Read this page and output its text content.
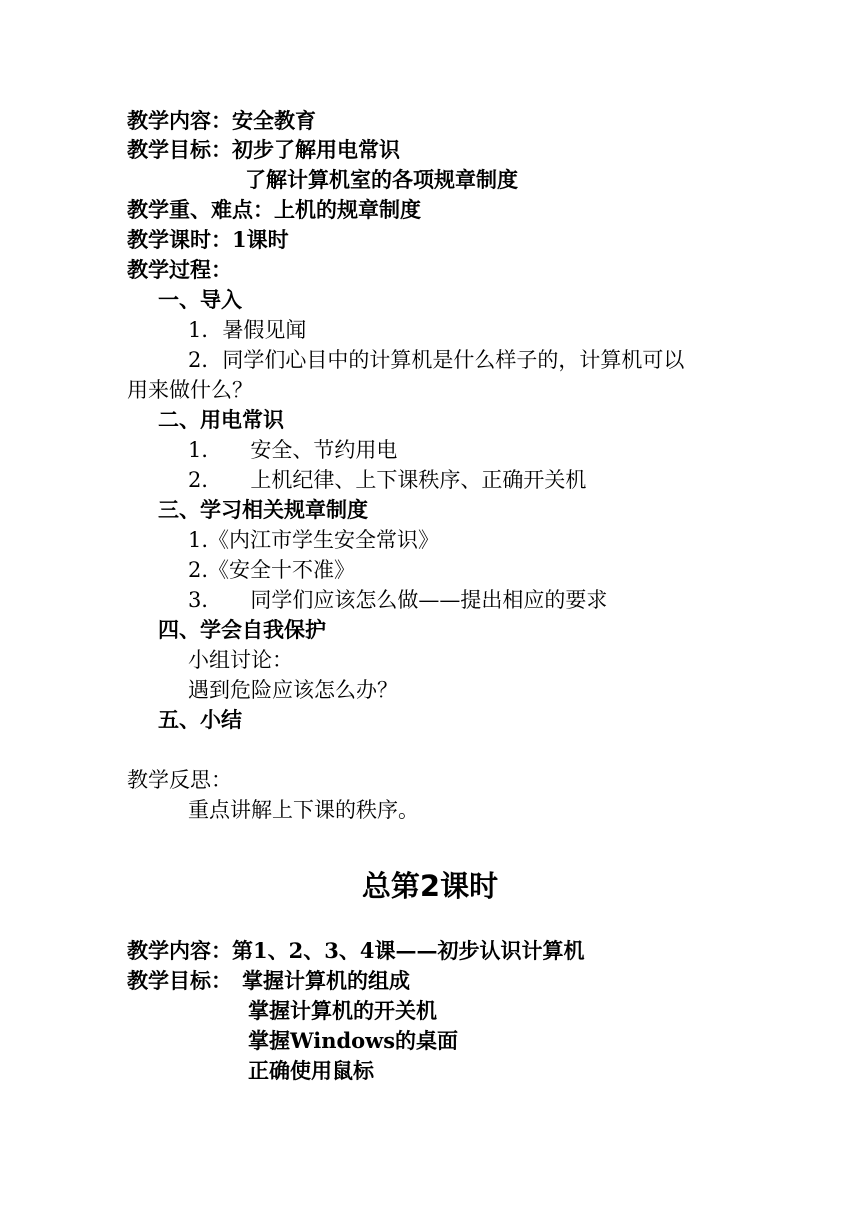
教学内容：安全教育
教学目标：初步了解用电常识
了解计算机室的各项规章制度
教学重、难点：上机的规章制度
教学课时：1课时
教学过程：
一、导入
1．暑假见闻
2．同学们心目中的计算机是什么样子的，计算机可以
用来做什么？
二、用电常识
1． 安全、节约用电
2． 上机纪律、上下课秩序、正确开关机
三、学习相关规章制度
1.《内江市学生安全常识》
2.《安全十不准》
3． 同学们应该怎么做——提出相应的要求
四、学会自我保护
小组讨论：
遇到危险应该怎么办？
五、小结
教学反思：
重点讲解上下课的秩序。
总第2课时
教学内容：第1、2、3、4课——初步认识计算机
教学目标： 掌握计算机的组成
掌握计算机的开关机
掌握Windows的桌面
正确使用鼠标
